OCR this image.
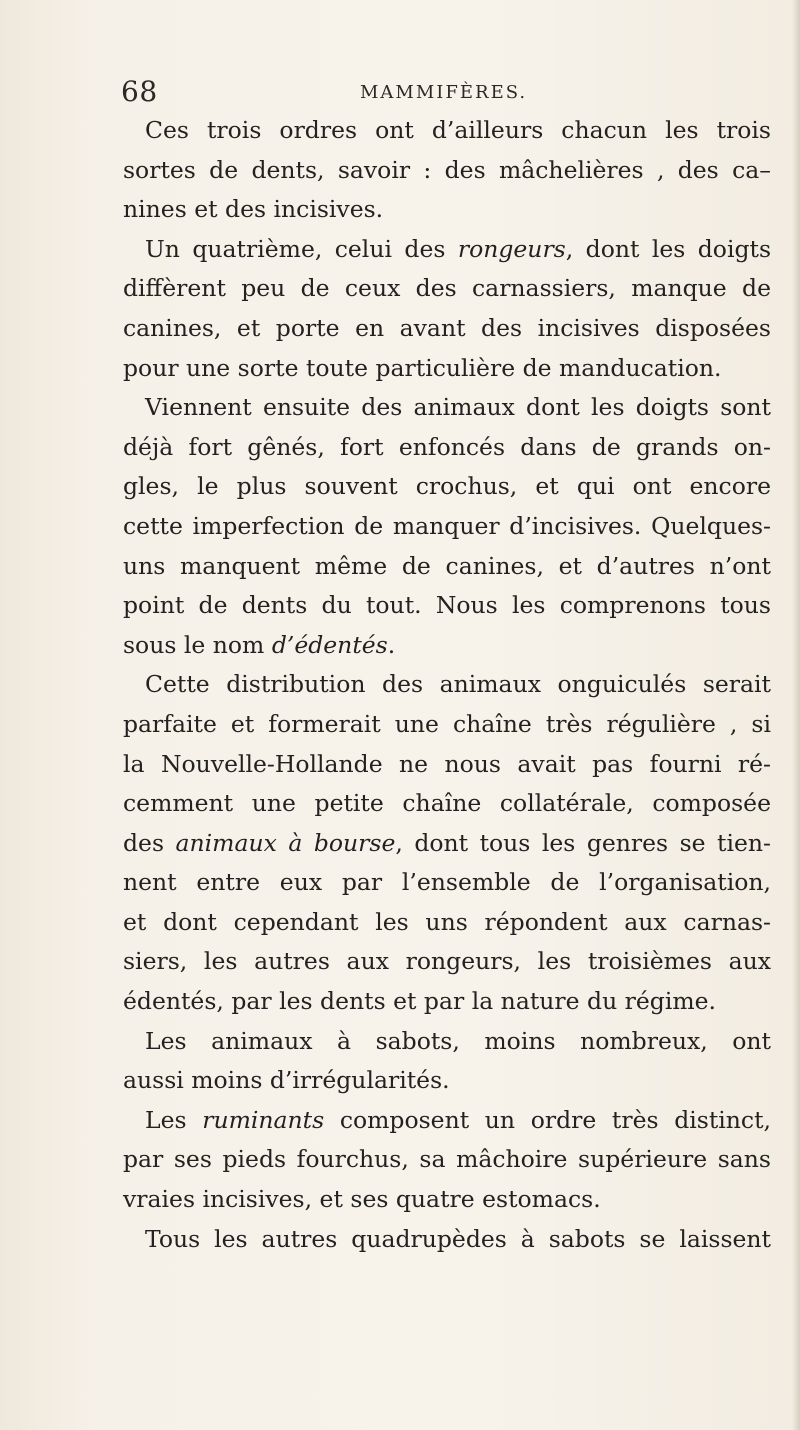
68	MAMMIFÈRES.
Ces trois ordres ont d’ailleurs chacun les trois
sortes de dents, savoir : des mâchelières , des ca–
nines et des incisives.
Un quatrième, celui des rongeurs, dont les doigts
diffèrent peu de ceux des carnassiers, manque de
canines, et porte en avant des incisives disposées
pour une sorte toute particulière de manducation.
Viennent ensuite des animaux dont les doigts sont
déjà fort gênés, fort enfoncés dans de grands on-
gles, le plus souvent crochus, et qui ont encore
cette imperfection de manquer d’incisives. Quelques-
uns manquent même de canines, et d’autres n’ont
point de dents du tout. Nous les comprenons tous
sous le nom d’édentés.
Cette distribution des animaux onguiculés serait
parfaite et formerait une chaîne très régulière , si
la Nouvelle-Hollande ne nous avait pas fourni ré-
cemment une petite chaîne collatérale, composée
des animaux à bourse, dont tous les genres se tien-
nent entre eux par l’ensemble de l’organisation,
et dont cependant les uns répondent aux carnas-
siers, les autres aux rongeurs, les troisièmes aux
édentés, par les dents et par la nature du régime.
Les animaux à sabots, moins nombreux, ont
aussi moins d’irrégularités.
Les ruminants composent un ordre très distinct,
par ses pieds fourchus, sa mâchoire supérieure sans
vraies incisives, et ses quatre estomacs.
Tous les autres quadrupèdes à sabots se laissent
